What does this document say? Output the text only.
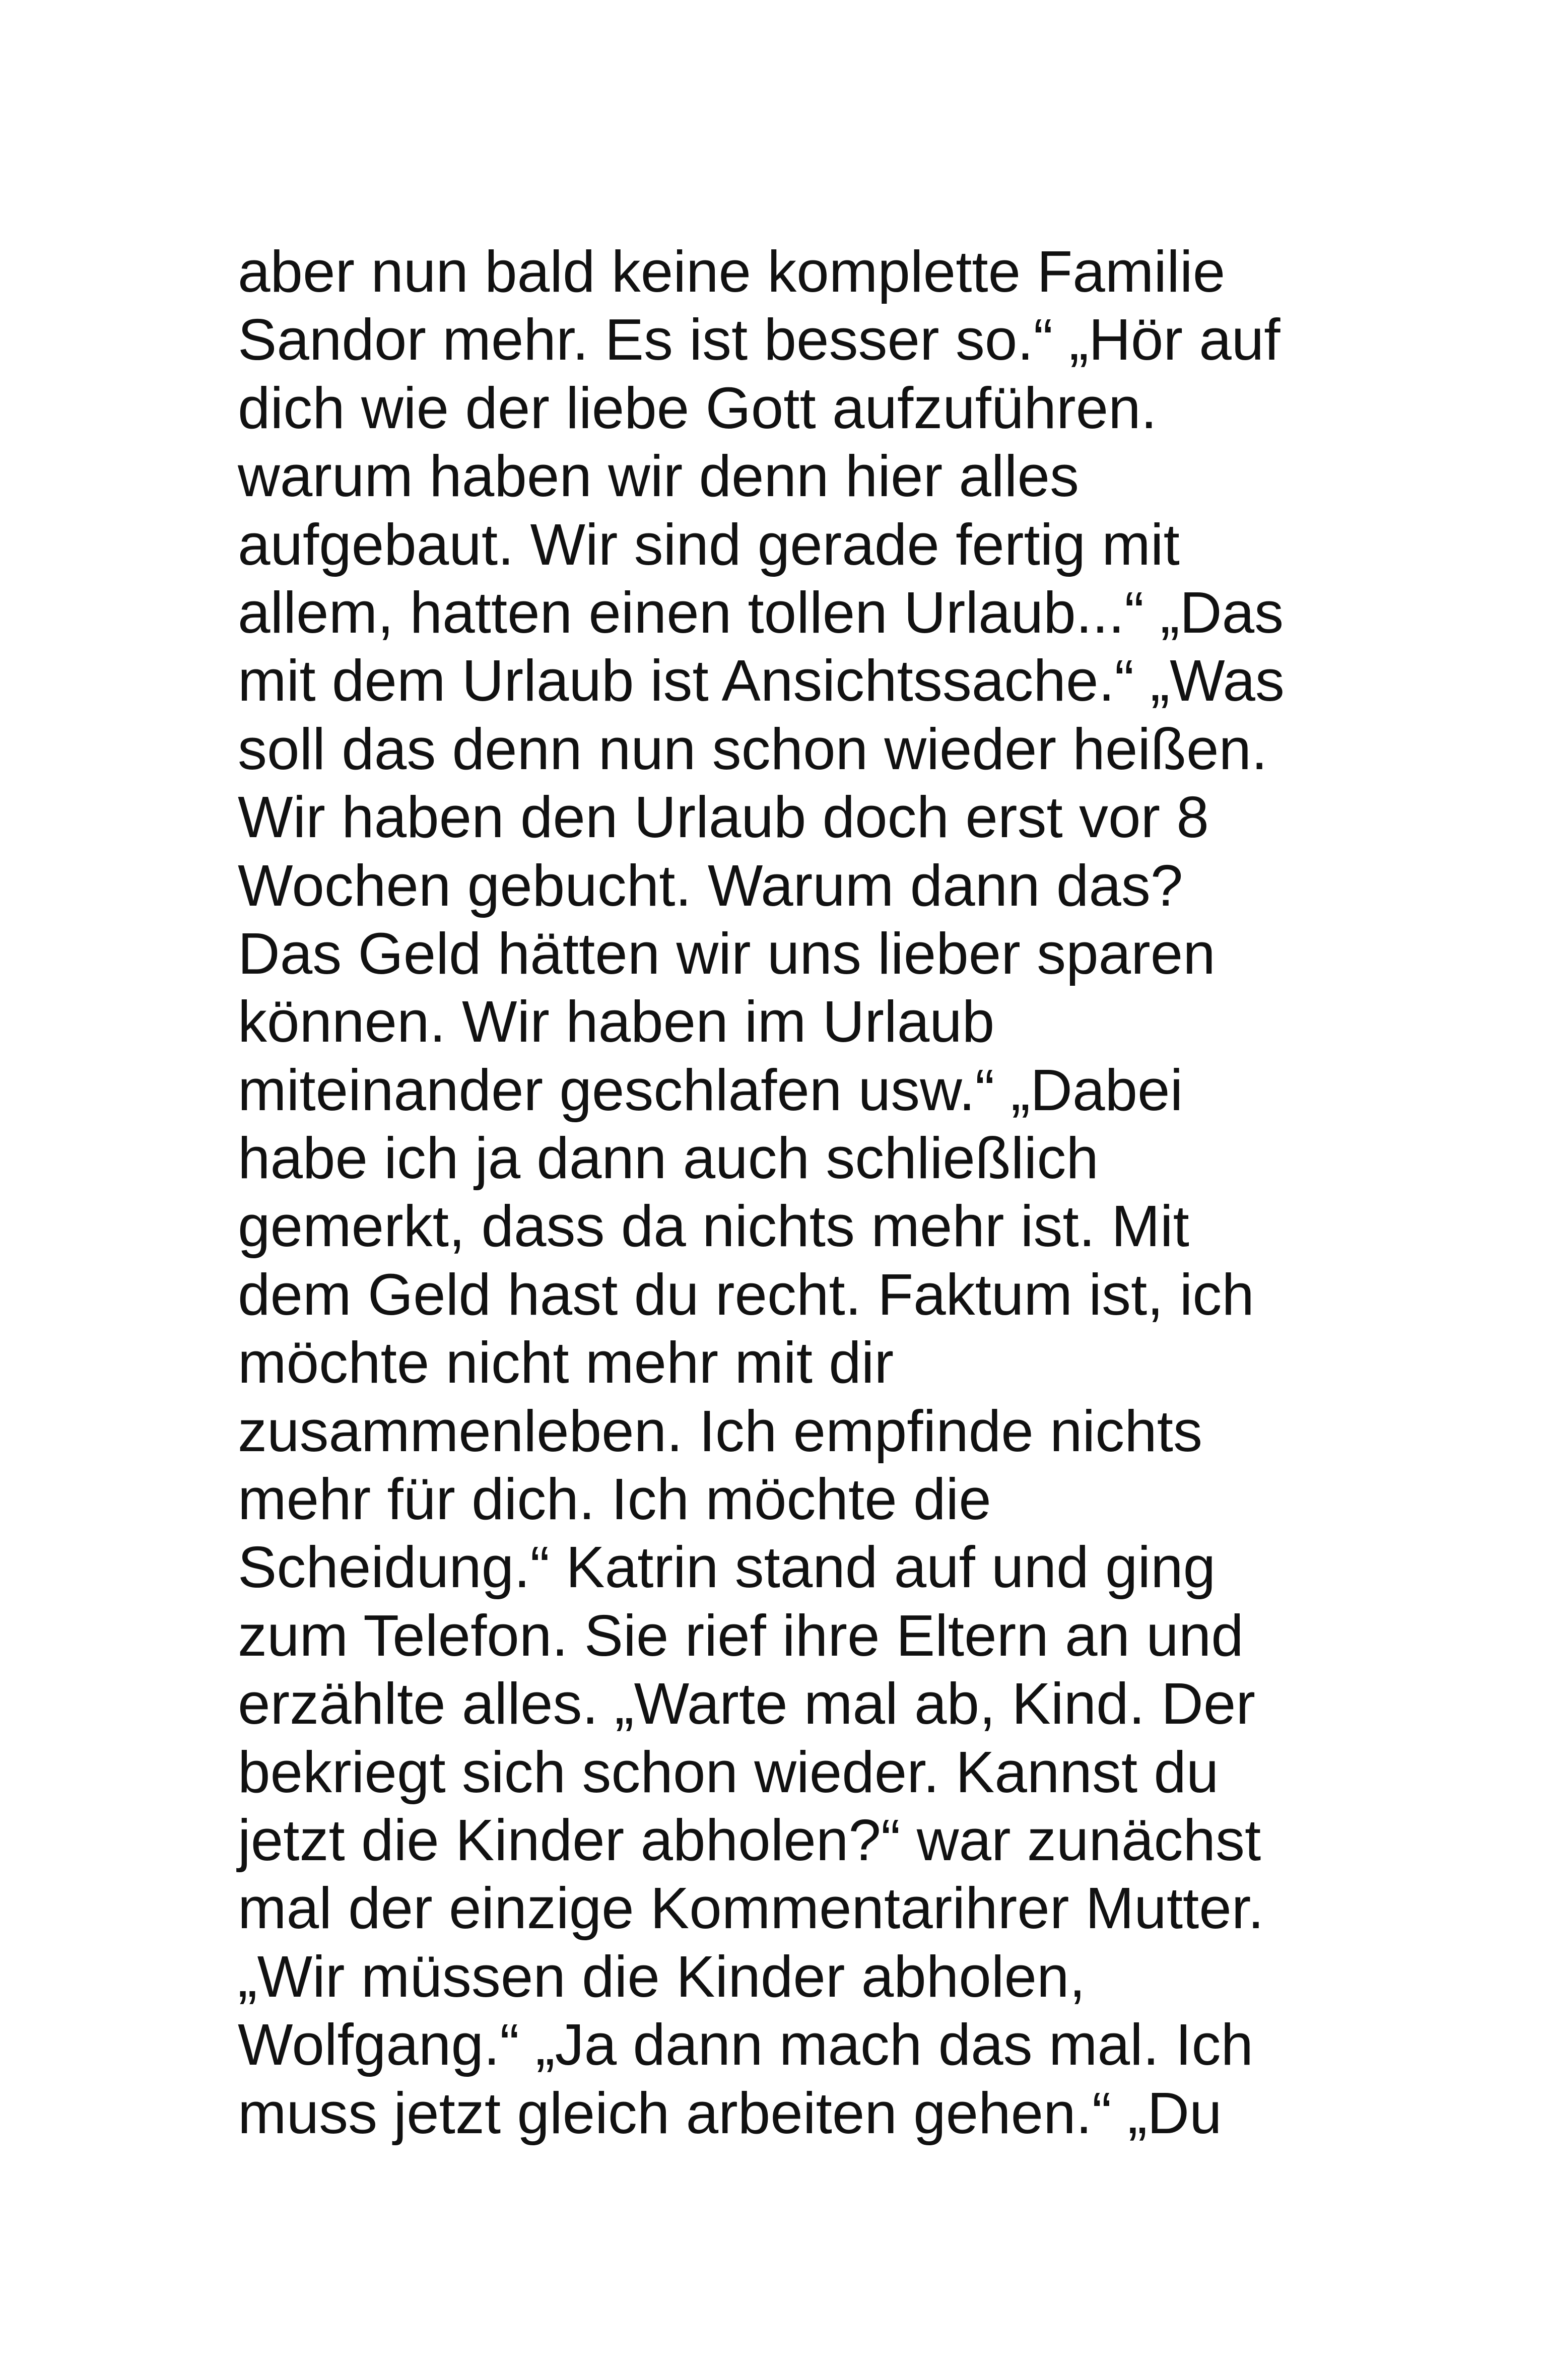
aber nun bald keine komplette Familie
Sandor mehr. Es ist besser so.“ „Hör auf
dich wie der liebe Gott aufzuführen.
warum haben wir denn hier alles
aufgebaut. Wir sind gerade fertig mit
allem, hatten einen tollen Urlaub...“ „Das
mit dem Urlaub ist Ansichtssache.“ „Was
soll das denn nun schon wieder heißen.
Wir haben den Urlaub doch erst vor 8
Wochen gebucht. Warum dann das?
Das Geld hätten wir uns lieber sparen
können. Wir haben im Urlaub
miteinander geschlafen usw.“ „Dabei
habe ich ja dann auch schließlich
gemerkt, dass da nichts mehr ist. Mit
dem Geld hast du recht. Faktum ist, ich
möchte nicht mehr mit dir
zusammenleben. Ich empfinde nichts
mehr für dich. Ich möchte die
Scheidung.“ Katrin stand auf und ging
zum Telefon. Sie rief ihre Eltern an und
erzählte alles. „Warte mal ab, Kind. Der
bekriegt sich schon wieder. Kannst du
jetzt die Kinder abholen?“ war zunächst
mal der einzige Kommentarihrer Mutter.
„Wir müssen die Kinder abholen,
Wolfgang.“ „Ja dann mach das mal. Ich
muss jetzt gleich arbeiten gehen.“ „Du
